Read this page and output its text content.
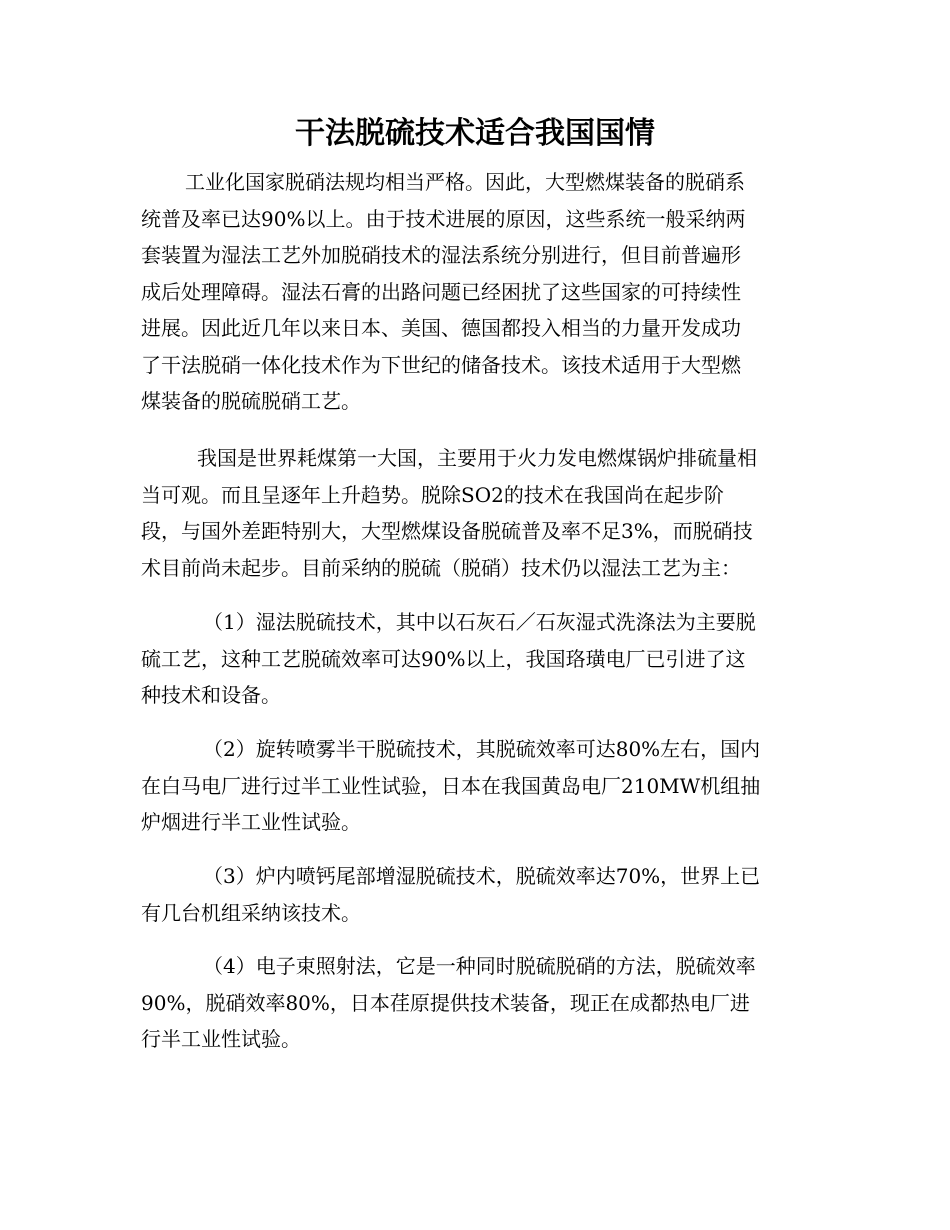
干法脱硫技术适合我国国情
工业化国家脱硝法规均相当严格。因此，大型燃煤装备的脱硝系
统普及率已达90%以上。由于技术进展的原因，这些系统一般采纳两
套装置为湿法工艺外加脱硝技术的湿法系统分别进行，但目前普遍形
成后处理障碍。湿法石膏的出路问题已经困扰了这些国家的可持续性
进展。因此近几年以来日本、美国、德国都投入相当的力量开发成功
了干法脱硝一体化技术作为下世纪的储备技术。该技术适用于大型燃
煤装备的脱硫脱硝工艺。
我国是世界耗煤第一大国，主要用于火力发电燃煤锅炉排硫量相
当可观。而且呈逐年上升趋势。脱除SO2的技术在我国尚在起步阶
段，与国外差距特别大，大型燃煤设备脱硫普及率不足3%，而脱硝技
术目前尚未起步。目前采纳的脱硫（脱硝）技术仍以湿法工艺为主：
（1）湿法脱硫技术，其中以石灰石／石灰湿式洗涤法为主要脱
硫工艺，这种工艺脱硫效率可达90%以上，我国珞璜电厂已引进了这
种技术和设备。
（2）旋转喷雾半干脱硫技术，其脱硫效率可达80%左右，国内
在白马电厂进行过半工业性试验，日本在我国黄岛电厂210MW机组抽
炉烟进行半工业性试验。
（3）炉内喷钙尾部增湿脱硫技术，脱硫效率达70%，世界上已
有几台机组采纳该技术。
（4）电子束照射法，它是一种同时脱硫脱硝的方法，脱硫效率
90%，脱硝效率80%，日本荏原提供技术装备，现正在成都热电厂进
行半工业性试验。
